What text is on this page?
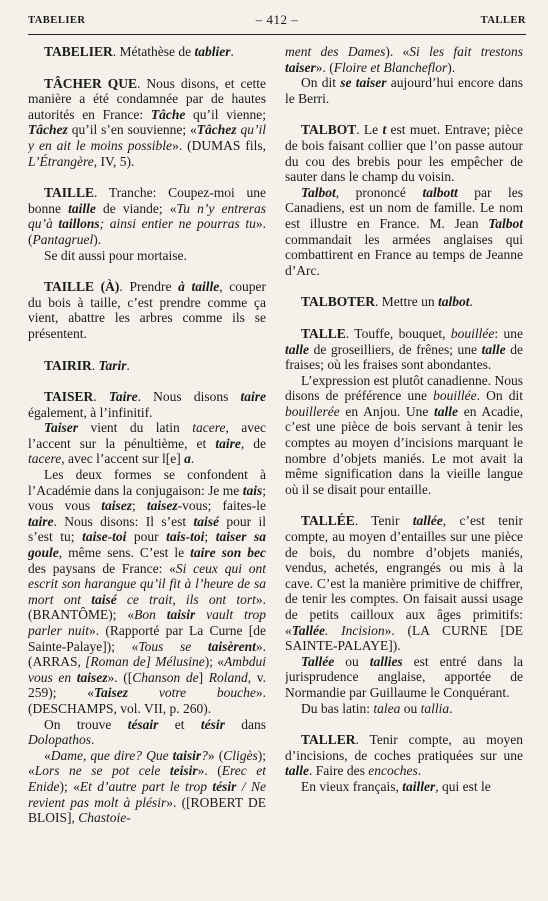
TABELIER	– 412 –	TALLER

TABELIER. Métathèse de tablier.

TÂCHER QUE. Nous disons, et cette manière a été condamnée par de hautes autorités en France: Tâche qu’il vienne; Tâchez qu’il s’en souvienne; «Tâchez qu’il y en ait le moins possible». (DUMAS fils, L’Étrangère, IV, 5).

TAILLE. Tranche: Coupez-moi une bonne taille de viande; «Tu n’y entreras qu’à taillons; ainsi entier ne pourras tu». (Pantagruel).

Se dit aussi pour mortaise.

TAILLE (À). Prendre à taille, couper du bois à taille, c’est prendre comme ça vient, abattre les arbres comme ils se présentent.

TAIRIR. Tarir.

TAISER. Taire. Nous disons taire également, à l’infinitif.

Taiser vient du latin tacere, avec l’accent sur la pénultième, et taire, de tacere, avec l’accent sur l[e] a.

Les deux formes se confondent à l’Académie dans la conjugaison: Je me tais; vous vous taisez; taisez-vous; faites-le taire. Nous disons: Il s’est taisé pour il s’est tu; taise-toi pour tais-toi; taiser sa goule, même sens. C’est le taire son bec des paysans de France: «Si ceux qui ont escrit son harangue qu’il fit à l’heure de sa mort ont taisé ce trait, ils ont tort». (BRANTÔME); «Bon taisir vault trop parler nuit». (Rapporté par La Curne [de Sainte-Palaye]); «Tous se taisèrent». (ARRAS, [Roman de] Mélusine); «Ambdui vous en taisez». ([Chanson de] Roland, v. 259); «Taisez votre bouche». (DESCHAMPS, vol. VII, p. 260).

On trouve tésair et tésir dans Dolopathos.

«Dame, que dire? Que taisir?» (Cligès); «Lors ne se pot cele teisir». (Erec et Enide); «Et d’autre part le trop tésir / Ne revient pas molt à plésir». ([ROBERT DE BLOIS], Chastoie-

ment des Dames). «Si les fait trestons taiser». (Floire et Blancheflor).

On dit se taiser aujourd’hui encore dans le Berri.

TALBOT. Le t est muet. Entrave; pièce de bois faisant collier que l’on passe autour du cou des brebis pour les empêcher de sauter dans le champ du voisin.

Talbot, prononcé talbott par les Canadiens, est un nom de famille. Le nom est illustre en France. M. Jean Talbot commandait les armées anglaises qui combattirent en France au temps de Jeanne d’Arc.

TALBOTER. Mettre un talbot.

TALLE. Touffe, bouquet, bouillée: une talle de groseilliers, de frênes; une talle de fraises; où les fraises sont abondantes.

L’expression est plutôt canadienne. Nous disons de préférence une bouillée. On dit bouillerée en Anjou. Une talle en Acadie, c’est une pièce de bois servant à tenir les comptes au moyen d’incisions marquant le nombre d’objets maniés. Le mot avait la même signification dans la vieille langue où il se disait pour entaille.

TALLÉE. Tenir tallée, c’est tenir compte, au moyen d’entailles sur une pièce de bois, du nombre d’objets maniés, vendus, achetés, engrangés ou mis à la cave. C’est la manière primitive de chiffrer, de tenir les comptes. On faisait aussi usage de petits cailloux aux âges primitifs: «Tallée. Incision». (LA CURNE [DE SAINTE-PALAYE]).

Tallée ou tallies est entré dans la jurisprudence anglaise, apportée de Normandie par Guillaume le Conquérant.

Du bas latin: talea ou tallia.

TALLER. Tenir compte, au moyen d’incisions, de coches pratiquées sur une talle. Faire des encoches.

En vieux français, tailler, qui est le
